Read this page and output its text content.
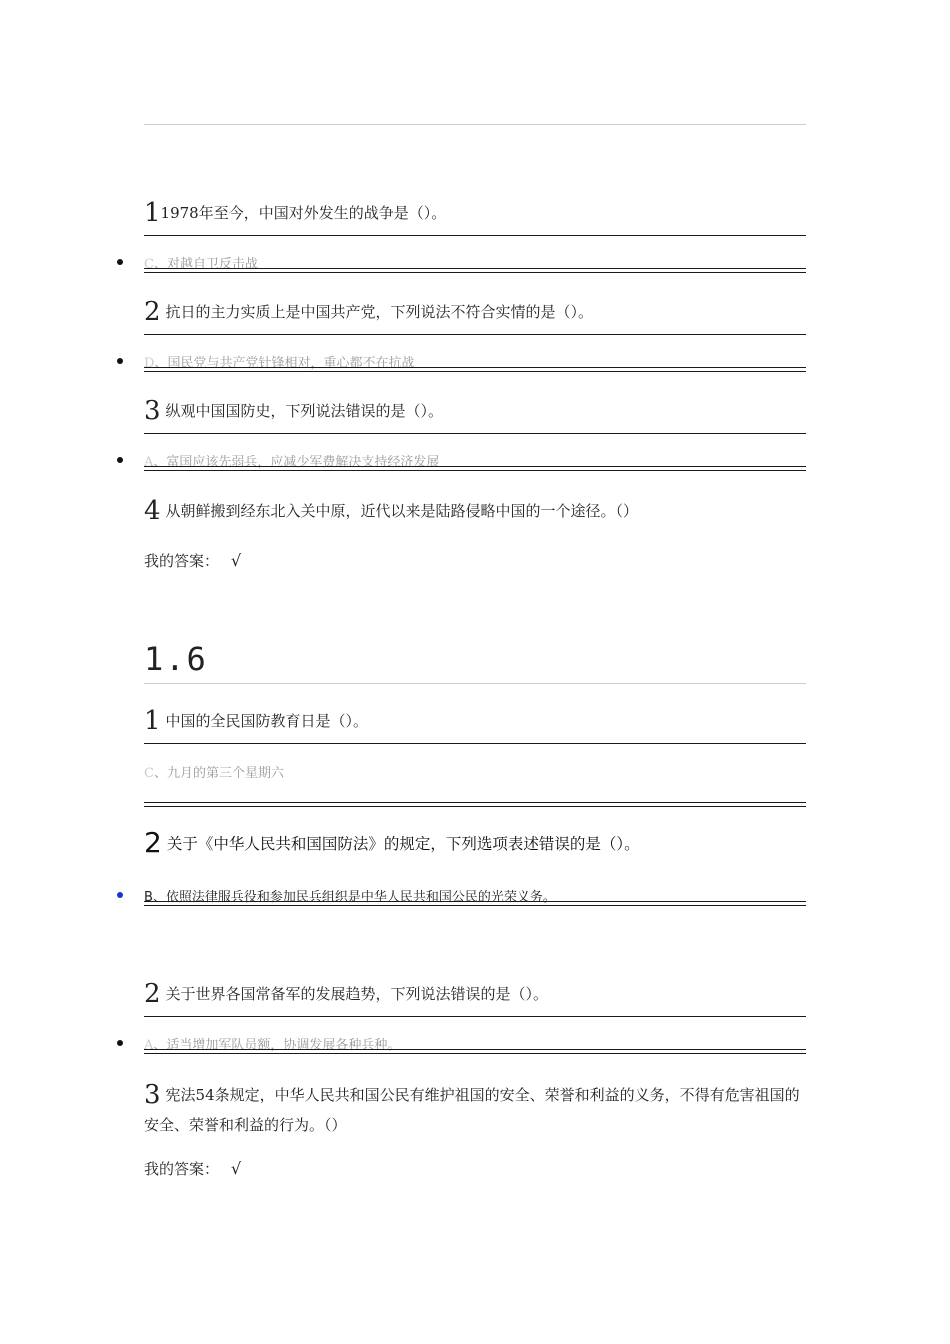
11978年至今，中国对外发生的战争是（）。
C、对越自卫反击战
2 抗日的主力实质上是中国共产党，下列说法不符合实情的是（）。
D、国民党与共产党针锋相对，重心都不在抗战
3 纵观中国国防史，下列说法错误的是（）。
A、富国应该先弱兵，应减少军费解决支持经济发展
4 从朝鲜搬到经东北入关中原，近代以来是陆路侵略中国的一个途径。（）
我的答案： √
1.6
1 中国的全民国防教育日是（）。
C、九月的第三个星期六
2 关于《中华人民共和国国防法》的规定，下列选项表述错误的是（）。
B、依照法律服兵役和参加民兵组织是中华人民共和国公民的光荣义务。
2 关于世界各国常备军的发展趋势，下列说法错误的是（）。
A、适当增加军队员额，协调发展各种兵种。
3 宪法54条规定，中华人民共和国公民有维护祖国的安全、荣誉和利益的义务，不得有危害祖国的安全、荣誉和利益的行为。（）
我的答案： √
